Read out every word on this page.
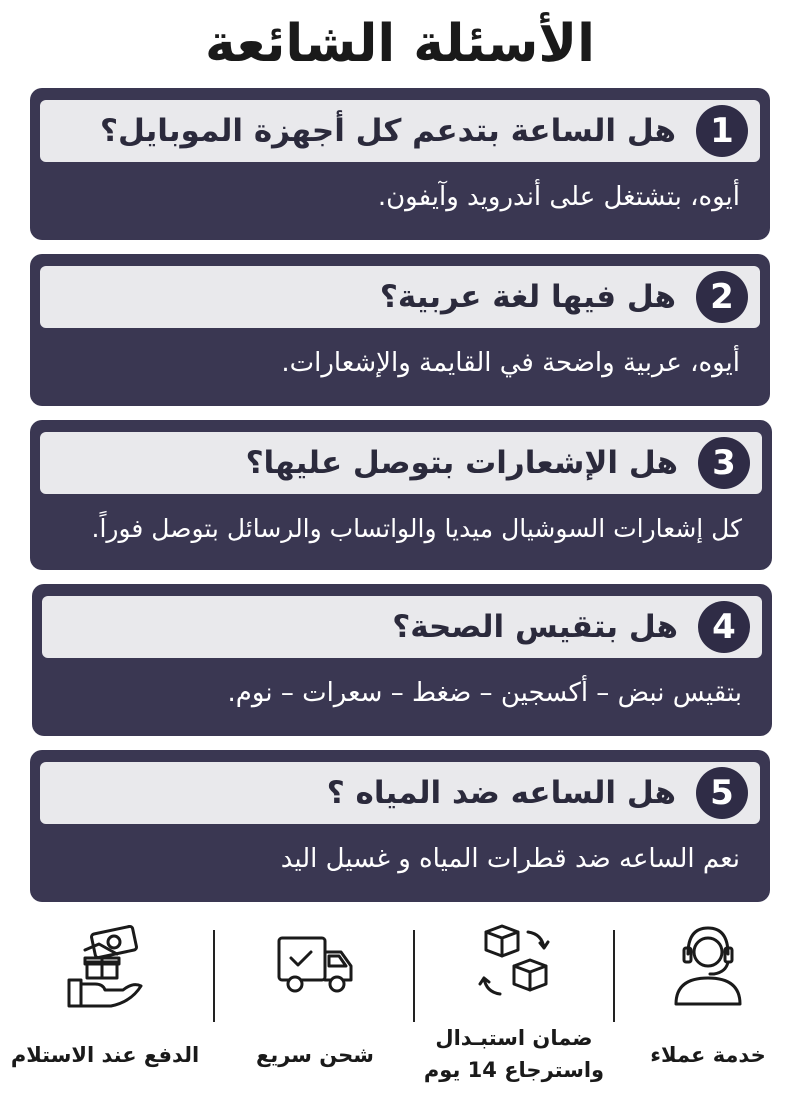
الأسئلة الشائعة
1
هل الساعة بتدعم كل أجهزة الموبايل؟
أيوه، بتشتغل على أندرويد وآيفون.
2
هل فيها لغة عربية؟
أيوه، عربية واضحة في القايمة والإشعارات.
3
هل الإشعارات بتوصل عليها؟
كل إشعارات السوشيال ميديا والواتساب والرسائل بتوصل فوراً.
4
هل بتقيس الصحة؟
بتقيس نبض – أكسجين – ضغط – سعرات – نوم.
5
هل الساعه ضد المياه ؟
نعم الساعه ضد قطرات المياه و غسيل اليد
الدفع عند الاستلام	شحن سريع
ضمان استبـدال
واسترجاع 14 يوم
خدمة عملاء
